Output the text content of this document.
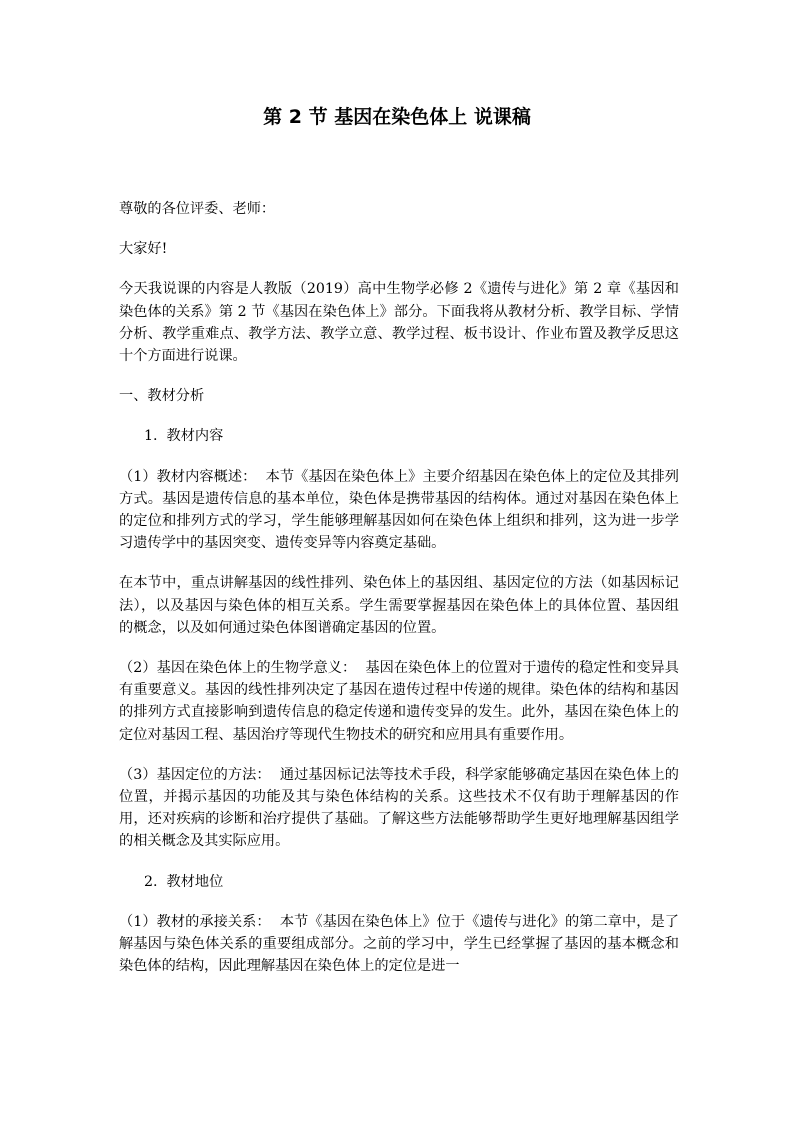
第 2 节 基因在染色体上 说课稿

尊敬的各位评委、老师：

大家好!

今天我说课的内容是人教版（2019）高中生物学必修 2《遗传与进化》第 2 章《基因和染色体的关系》第 2 节《基因在染色体上》部分。下面我将从教材分析、教学目标、学情分析、教学重难点、教学方法、教学立意、教学过程、板书设计、作业布置及教学反思这十个方面进行说课。

一、教材分析

1.  教材内容

（1）教材内容概述：  本节《基因在染色体上》主要介绍基因在染色体上的定位及其排列方式。基因是遗传信息的基本单位，染色体是携带基因的结构体。通过对基因在染色体上的定位和排列方式的学习，学生能够理解基因如何在染色体上组织和排列，这为进一步学习遗传学中的基因突变、遗传变异等内容奠定基础。

在本节中，重点讲解基因的线性排列、染色体上的基因组、基因定位的方法（如基因标记法），以及基因与染色体的相互关系。学生需要掌握基因在染色体上的具体位置、基因组的概念，以及如何通过染色体图谱确定基因的位置。

（2）基因在染色体上的生物学意义：  基因在染色体上的位置对于遗传的稳定性和变异具有重要意义。基因的线性排列决定了基因在遗传过程中传递的规律。染色体的结构和基因的排列方式直接影响到遗传信息的稳定传递和遗传变异的发生。此外，基因在染色体上的定位对基因工程、基因治疗等现代生物技术的研究和应用具有重要作用。

（3）基因定位的方法：  通过基因标记法等技术手段，科学家能够确定基因在染色体上的位置，并揭示基因的功能及其与染色体结构的关系。这些技术不仅有助于理解基因的作用，还对疾病的诊断和治疗提供了基础。了解这些方法能够帮助学生更好地理解基因组学的相关概念及其实际应用。

2.  教材地位

（1）教材的承接关系：  本节《基因在染色体上》位于《遗传与进化》的第二章中，是了解基因与染色体关系的重要组成部分。之前的学习中，学生已经掌握了基因的基本概念和染色体的结构，因此理解基因在染色体上的定位是进一
